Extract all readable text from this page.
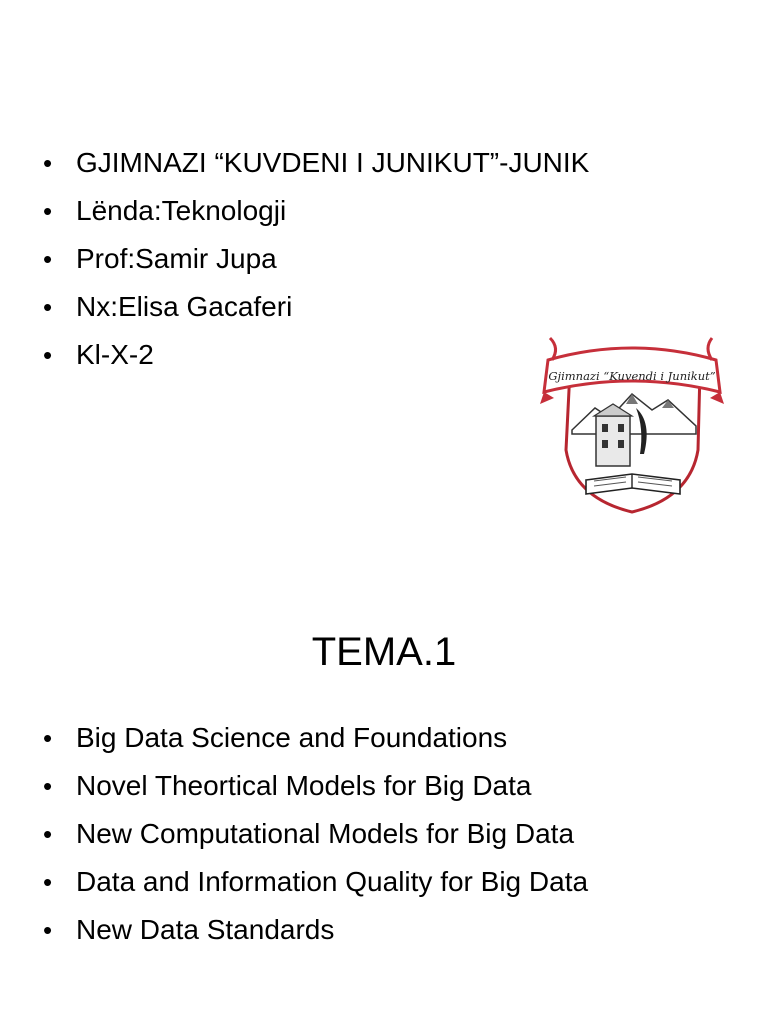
• GJIMNAZI “KUVDENI I JUNIKUT”-JUNIK
• Lënda:Teknologji
• Prof:Samir Jupa
• Nx:Elisa Gacaferi
• Kl-X-2
Gjimnazi “Kuvendi i Junikut”
TEMA.1
• Big Data Science and Foundations
• Novel Theortical Models for Big Data
• New Computational Models for Big Data
• Data and Information Quality for Big Data
• New Data Standards
